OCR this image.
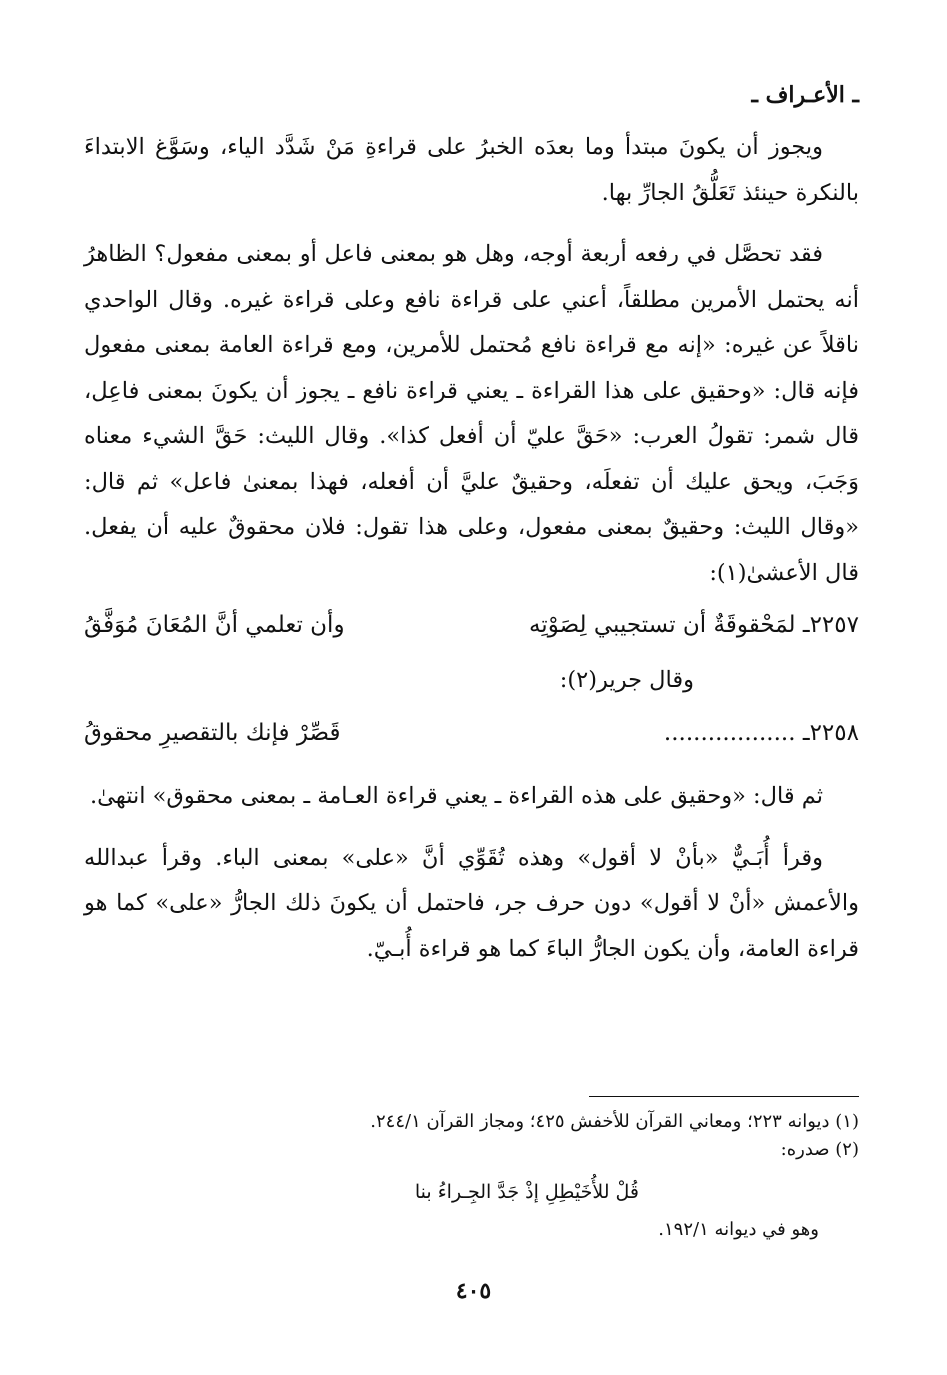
ـ الأعـراف ـ

ويجوز أن يكونَ مبتدأ وما بعدَه الخبرُ على قراءةِ مَنْ شَدَّد الياء، وسَوَّغ الابتداءَ بالنكرة حينئذ تَعَلُّقُ الجارِّ بها.

فقد تحصَّل في رفعه أربعة أوجه، وهل هو بمعنى فاعل أو بمعنى مفعول؟ الظاهرُ أنه يحتمل الأمرين مطلقاً، أعني على قراءة نافع وعلى قراءة غيره. وقال الواحدي ناقلاً عن غيره: «إنه مع قراءة نافع مُحتمل للأمرين، ومع قراءة العامة بمعنى مفعول فإنه قال: «وحقيق على هذا القراءة ـ يعني قراءة نافع ـ يجوز أن يكونَ بمعنى فاعِل، قال شمر: تقولُ العرب: «حَقَّ عليّ أن أفعل كذا». وقال الليث: حَقَّ الشيء معناه وَجَبَ، ويحق عليك أن تفعلَه، وحقيقٌ عليَّ أن أفعله، فهذا بمعنىٰ فاعل» ثم قال: «وقال الليث: وحقيقٌ بمعنى مفعول، وعلى هذا تقول: فلان محقوقٌ عليه أن يفعل. قال الأعشىٰ(١):

٢٢٥٧ـ لمَحْقوقَةٌ أن تستجيبي لِصَوْتِه
وأن تعلمي أنَّ المُعَانَ مُوَفَّقُ
وقال جرير(٢):
٢٢٥٨ـ ..................
قَصِّرْ فإنك بالتقصيرِ محقوقُ

ثم قال: «وحقيق على هذه القراءة ـ يعني قراءة العـامة ـ بمعنى محقوق» انتهىٰ.

وقرأ أُبَـيٌّ «بأنْ لا أقول» وهذه تُقَوِّي أنَّ «على» بمعنى الباء. وقرأ عبدالله والأعمش «أنْ لا أقول» دون حرف جر، فاحتمل أن يكونَ ذلك الجارُّ «على» كما هو قراءة العامة، وأن يكون الجارُّ الباءَ كما هو قراءة أُبـيّ.

(١) ديوانه ٢٢٣؛ ومعاني القرآن للأخفش ٤٢٥؛ ومجاز القرآن ٢٤٤/١.

(٢) صدره:

قُلْ للأُخَيْطِلِ إذْ جَدَّ الجِـراءُ بنا

وهو في ديوانه ١٩٢/١.

٤٠٥
